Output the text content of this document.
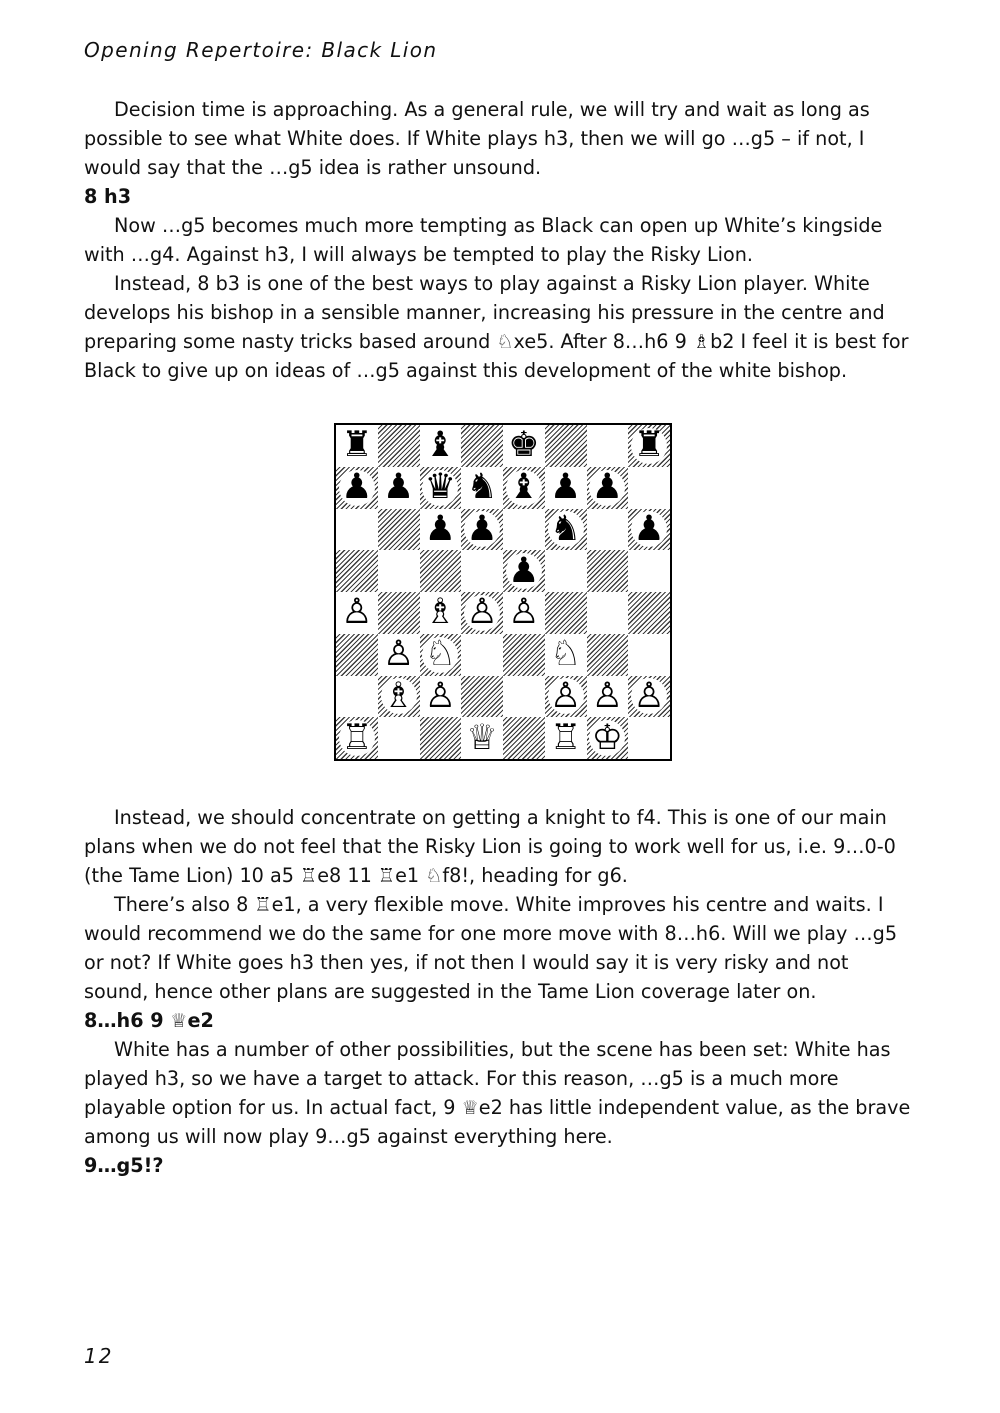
Opening Repertoire: Black Lion

Decision time is approaching. As a general rule, we will try and wait as long as possible to see what White does. If White plays h3, then we will go …g5 – if not, I would say that the …g5 idea is rather unsound.

8 h3

Now …g5 becomes much more tempting as Black can open up White’s kingside with …g4. Against h3, I will always be tempted to play the Risky Lion.

Instead, 8 b3 is one of the best ways to play against a Risky Lion player. White develops his bishop in a sensible manner, increasing his pressure in the centre and preparing some nasty tricks based around ♘xe5. After 8…h6 9 ♗b2 I feel it is best for Black to give up on ideas of …g5 against this development of the white bishop.

♜ ♝ ♚	♜
♟ ♟ ♛ ♞ ♝ ♟ ♟
♟ ♟ ♞ ♟
♟
♙ ♗ ♙ ♙
♙ ♘	♘
♗ ♙	♙ ♙ ♙
♖	♕ ♖ ♔

Instead, we should concentrate on getting a knight to f4. This is one of our main plans when we do not feel that the Risky Lion is going to work well for us, i.e. 9…0-0 (the Tame Lion) 10 a5 ♖e8 11 ♖e1 ♘f8!, heading for g6.

There’s also 8 ♖e1, a very flexible move. White improves his centre and waits. I would recommend we do the same for one more move with 8…h6. Will we play …g5 or not? If White goes h3 then yes, if not then I would say it is very risky and not sound, hence other plans are suggested in the Tame Lion coverage later on.

8…h6 9 ♕e2

White has a number of other possibilities, but the scene has been set: White has played h3, so we have a target to attack. For this reason, …g5 is a much more playable option for us. In actual fact, 9 ♕e2 has little independent value, as the brave among us will now play 9…g5 against everything here.

9…g5!?

12
